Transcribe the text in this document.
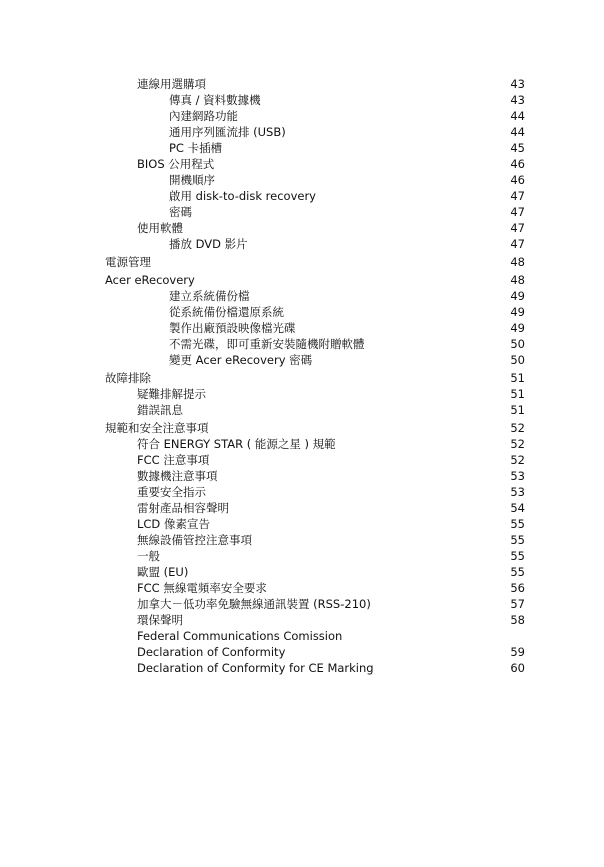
連線用選購項	43
傳真 / 資料數據機	43
內建網路功能	44
通用序列匯流排 (USB)	44
PC 卡插槽	45
BIOS 公用程式	46
開機順序	46
啟用 disk-to-disk recovery	47
密碼	47
使用軟體	47
播放 DVD 影片	47
電源管理	48
Acer eRecovery	48
建立系統備份檔	49
從系統備份檔還原系統	49
製作出廠預設映像檔光碟	49
不需光碟，即可重新安裝隨機附贈軟體	50
變更 Acer eRecovery 密碼	50
故障排除	51
疑難排解提示	51
錯誤訊息	51
規範和安全注意事項	52
符合 ENERGY STAR ( 能源之星 ) 規範	52
FCC 注意事項	52
數據機注意事項	53
重要安全指示	53
雷射產品相容聲明	54
LCD 像素宣告	55
無線設備管控注意事項	55
一般	55
歐盟 (EU)	55
FCC 無線電頻率安全要求	56
加拿大－低功率免驗無線通訊裝置 (RSS-210)	57
環保聲明	58
Federal Communications Comission
Declaration of Conformity	59
Declaration of Conformity for CE Marking	60
